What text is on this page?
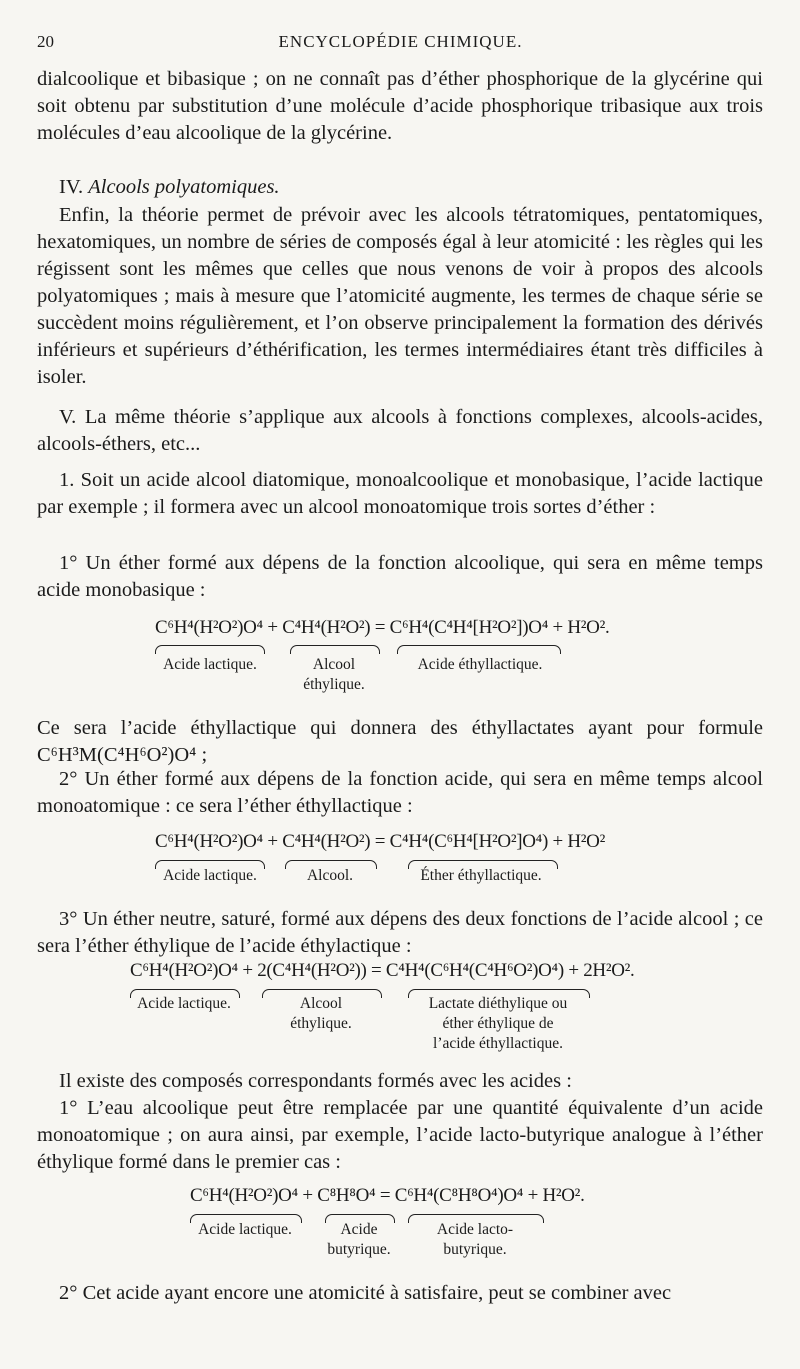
20	ENCYCLOPÉDIE CHIMIQUE.
dialcoolique et bibasique ; on ne connaît pas d’éther phosphorique de la glycérine qui soit obtenu par substitution d’une molécule d’acide phosphorique tribasique aux trois molécules d’eau alcoolique de la glycérine.
IV. Alcools polyatomiques.
Enfin, la théorie permet de prévoir avec les alcools tétratomiques, pentatomiques, hexatomiques, un nombre de séries de composés égal à leur atomicité : les règles qui les régissent sont les mêmes que celles que nous venons de voir à propos des alcools polyatomiques ; mais à mesure que l’atomicité augmente, les termes de chaque série se succèdent moins régulièrement, et l’on observe principalement la formation des dérivés inférieurs et supérieurs d’éthérification, les termes intermédiaires étant très difficiles à isoler.
V. La même théorie s’applique aux alcools à fonctions complexes, alcools-acides, alcools-éthers, etc...
1. Soit un acide alcool diatomique, monoalcoolique et monobasique, l’acide lactique par exemple ; il formera avec un alcool monoatomique trois sortes d’éther :
1° Un éther formé aux dépens de la fonction alcoolique, qui sera en même temps acide monobasique :
C⁶H⁴(H²O²)O⁴ + C⁴H⁴(H²O²) = C⁶H⁴(C⁴H⁴[H²O²])O⁴ + H²O².
Acide lactique.	Alcool
éthylique.
Acide éthyllactique.
Ce sera l’acide éthyllactique qui donnera des éthyllactates ayant pour formule C⁶H³M(C⁴H⁶O²)O⁴ ;
2° Un éther formé aux dépens de la fonction acide, qui sera en même temps alcool monoatomique : ce sera l’éther éthyllactique :
C⁶H⁴(H²O²)O⁴ + C⁴H⁴(H²O²) = C⁴H⁴(C⁶H⁴[H²O²]O⁴) + H²O²
Acide lactique.	Alcool.	Éther éthyllactique.
3° Un éther neutre, saturé, formé aux dépens des deux fonctions de l’acide alcool ; ce sera l’éther éthylique de l’acide éthylactique :
C⁶H⁴(H²O²)O⁴ + 2(C⁴H⁴(H²O²)) = C⁴H⁴(C⁶H⁴(C⁴H⁶O²)O⁴) + 2H²O².
Acide lactique.	Alcool
éthylique.
Lactate diéthylique ou
éther éthylique de
l’acide éthyllactique.
Il existe des composés correspondants formés avec les acides :
1° L’eau alcoolique peut être remplacée par une quantité équivalente d’un acide monoatomique ; on aura ainsi, par exemple, l’acide lacto-butyrique analogue à l’éther éthylique formé dans le premier cas :
C⁶H⁴(H²O²)O⁴ + C⁸H⁸O⁴ = C⁶H⁴(C⁸H⁸O⁴)O⁴ + H²O².
Acide lactique.	Acide
butyrique.
Acide lacto-
butyrique.
2° Cet acide ayant encore une atomicité à satisfaire, peut se combiner avec
